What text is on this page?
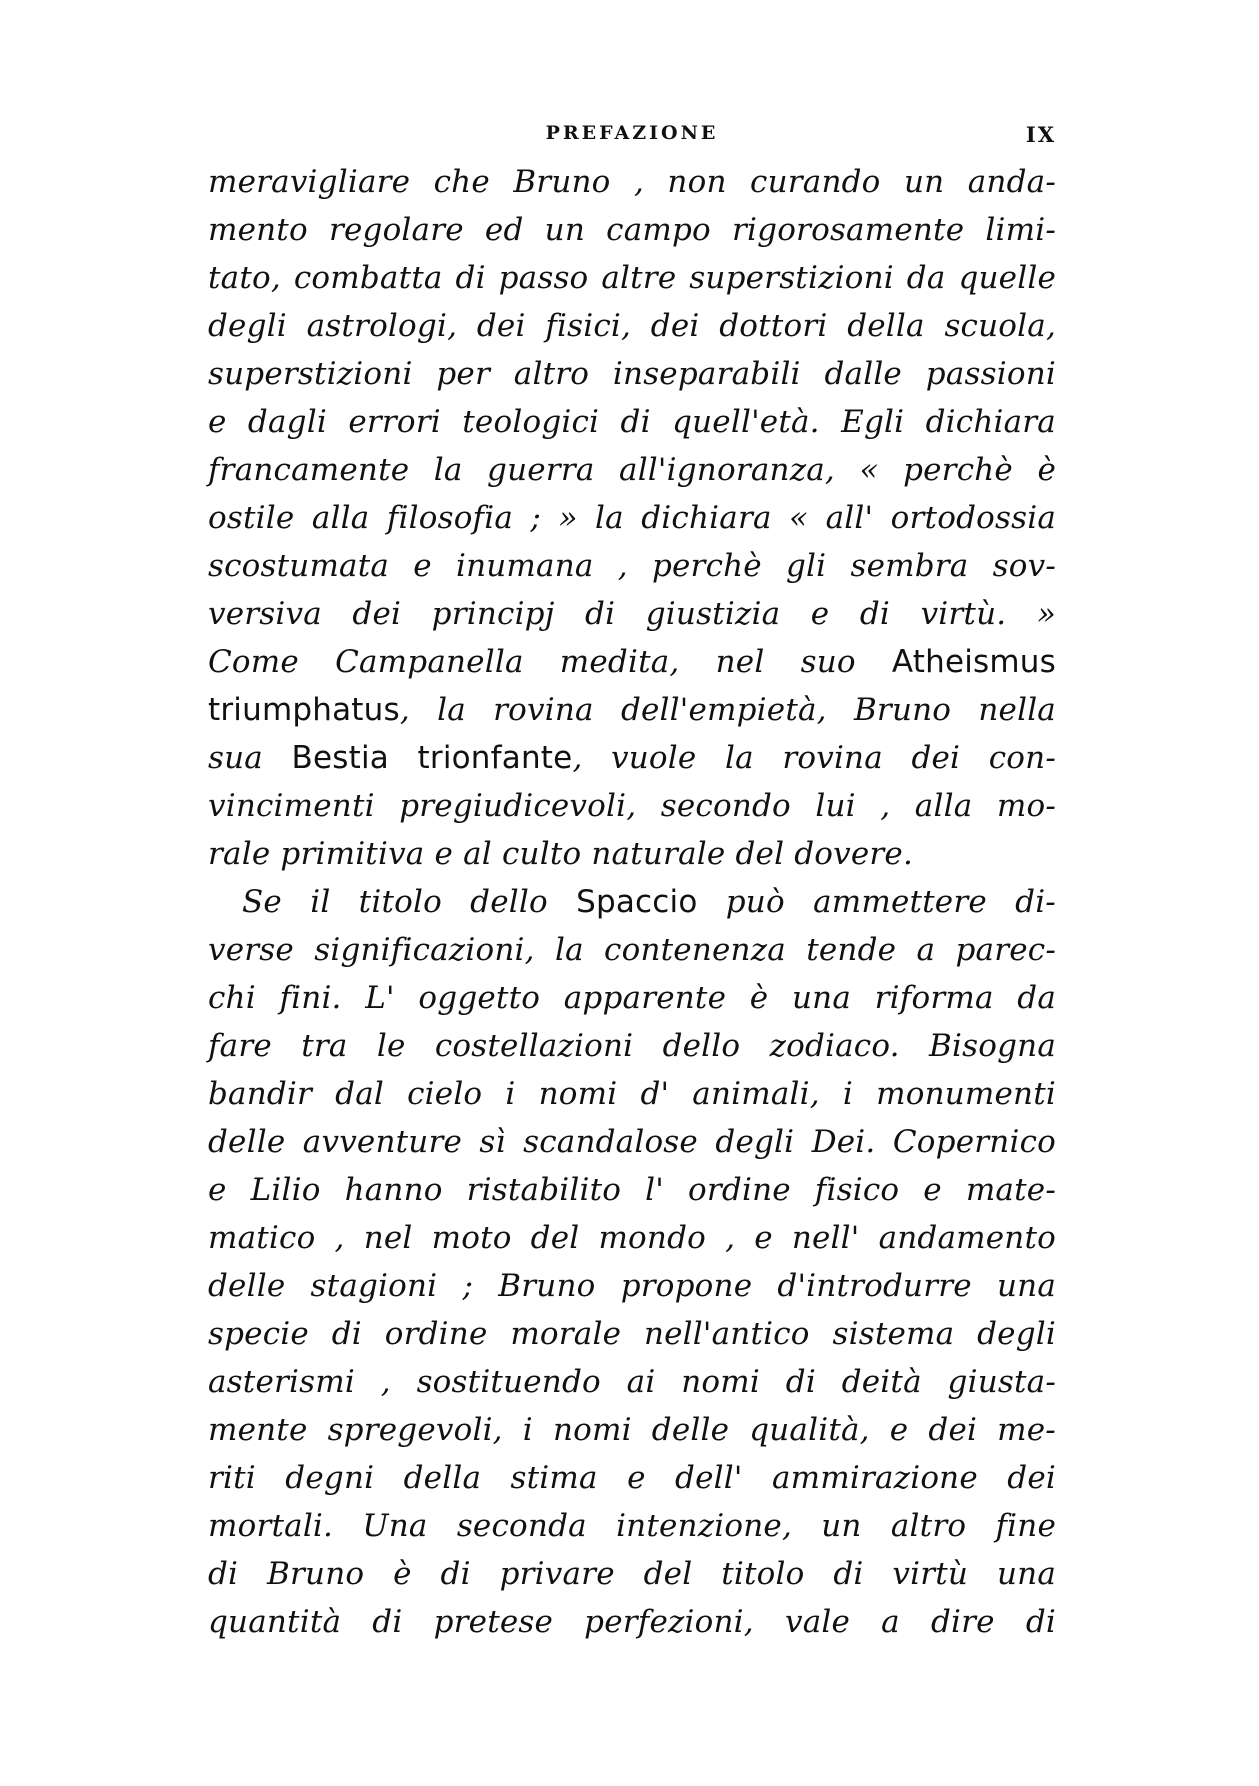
PREFAZIONE	IX
meravigliare che Bruno , non curando un anda-
mento regolare ed un campo rigorosamente limi-
tato, combatta di passo altre superstizioni da quelle
degli astrologi, dei fisici, dei dottori della scuola,
superstizioni per altro inseparabili dalle passioni
e dagli errori teologici di quell'età. Egli dichiara
francamente la guerra all'ignoranza, « perchè è
ostile alla filosofia ; » la dichiara « all' ortodossia
scostumata e inumana , perchè gli sembra sov-
versiva dei principj di giustizia e di virtù. »
Come Campanella medita, nel suo Atheismus
triumphatus, la rovina dell'empietà, Bruno nella
sua Bestia trionfante, vuole la rovina dei con-
vincimenti pregiudicevoli, secondo lui , alla mo-
rale primitiva e al culto naturale del dovere.
Se il titolo dello Spaccio può ammettere di-
verse significazioni, la contenenza tende a parec-
chi fini. L' oggetto apparente è una riforma da
fare tra le costellazioni dello zodiaco. Bisogna
bandir dal cielo i nomi d' animali, i monumenti
delle avventure sì scandalose degli Dei. Copernico
e Lilio hanno ristabilito l' ordine fisico e mate-
matico , nel moto del mondo , e nell' andamento
delle stagioni ; Bruno propone d'introdurre una
specie di ordine morale nell'antico sistema degli
asterismi , sostituendo ai nomi di deità giusta-
mente spregevoli, i nomi delle qualità, e dei me-
riti degni della stima e dell' ammirazione dei
mortali. Una seconda intenzione, un altro fine
di Bruno è di privare del titolo di virtù una
quantità di pretese perfezioni, vale a dire di
